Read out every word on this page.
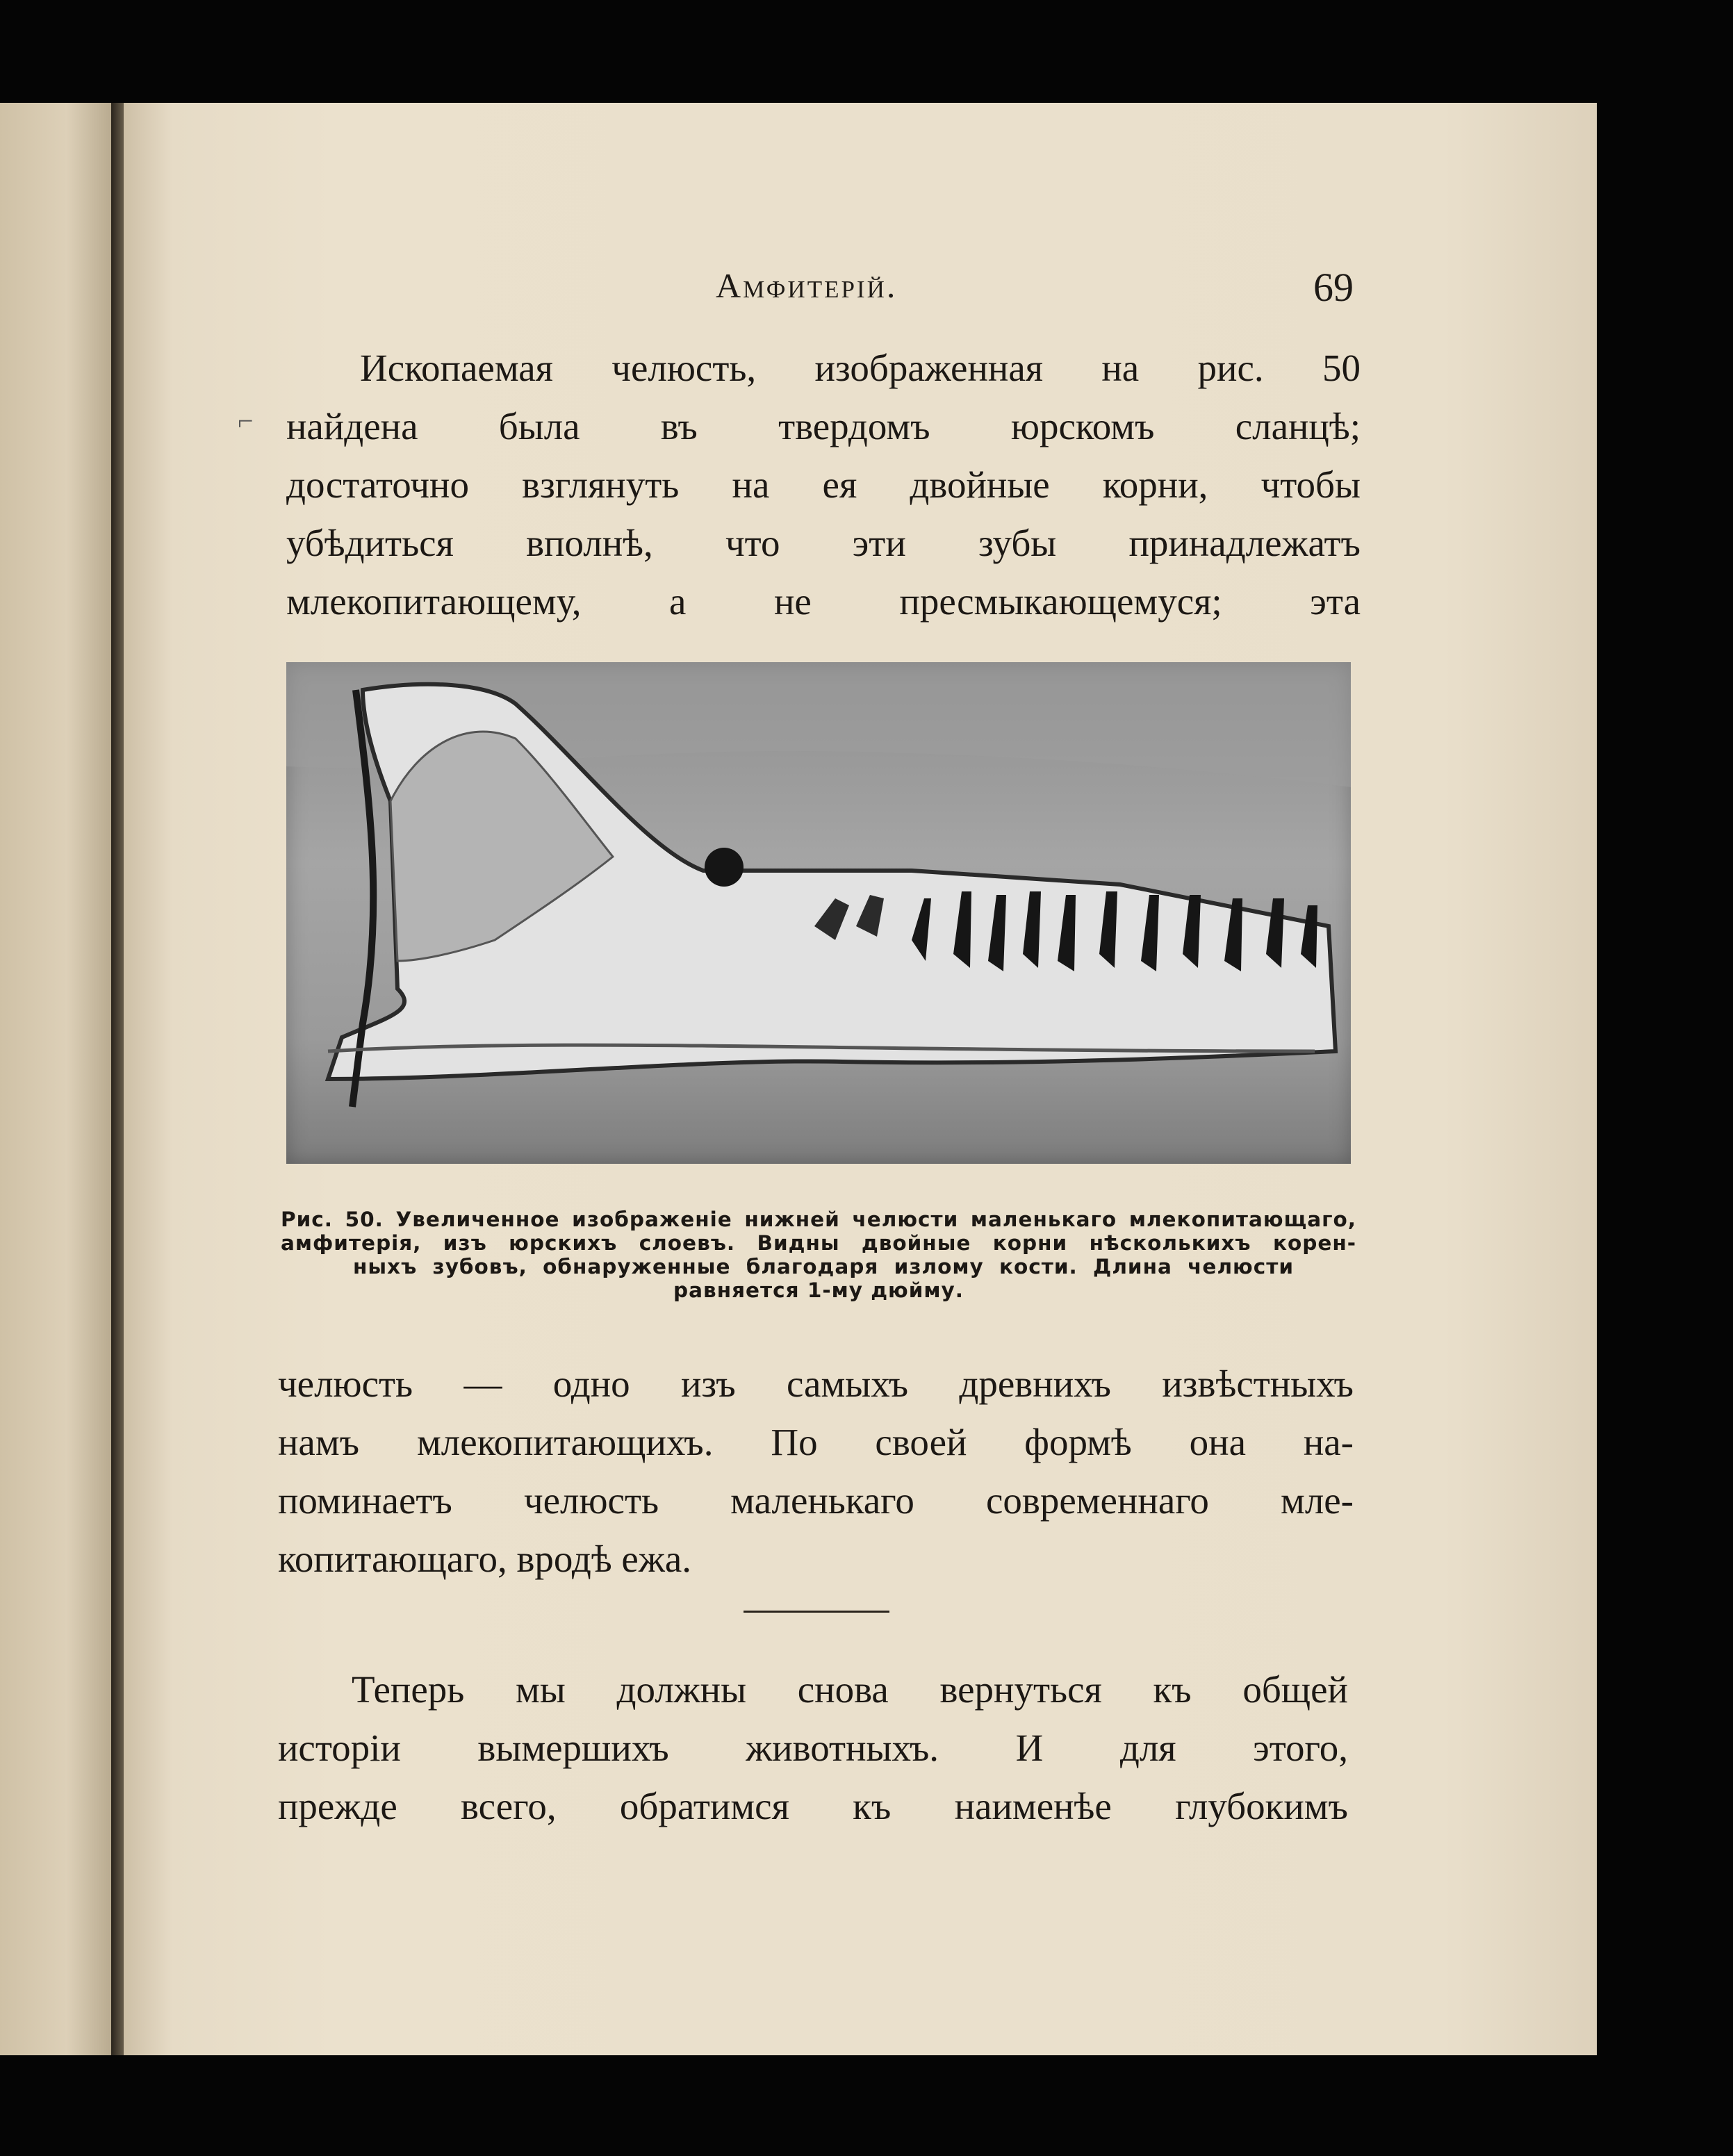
Амфитерій.	69
⌐
Ископаемая челюсть, изображенная на рис. 50
найдена была въ твердомъ юрскомъ сланцѣ;
достаточно взглянуть на ея двойные корни, чтобы
убѣдиться вполнѣ, что эти зубы принадлежатъ
млекопитающему, а не пресмыкающемуся; эта
Рис. 50. Увеличенное изображеніе нижней челюсти маленькаго млекопитающаго,
амфитерія, изъ юрскихъ слоевъ. Видны двойные корни нѣсколькихъ корен-
ныхъ зубовъ, обнаруженные благодаря излому кости. Длина челюсти
равняется 1-му дюйму.
челюсть — одно изъ самыхъ древнихъ извѣстныхъ
намъ млекопитающихъ. По своей формѣ она на-
поминаетъ челюсть маленькаго современнаго мле-
копитающаго, вродѣ ежа.
Теперь мы должны снова вернуться къ общей
исторіи вымершихъ животныхъ. И для этого,
прежде всего, обратимся къ наименѣе глубокимъ
